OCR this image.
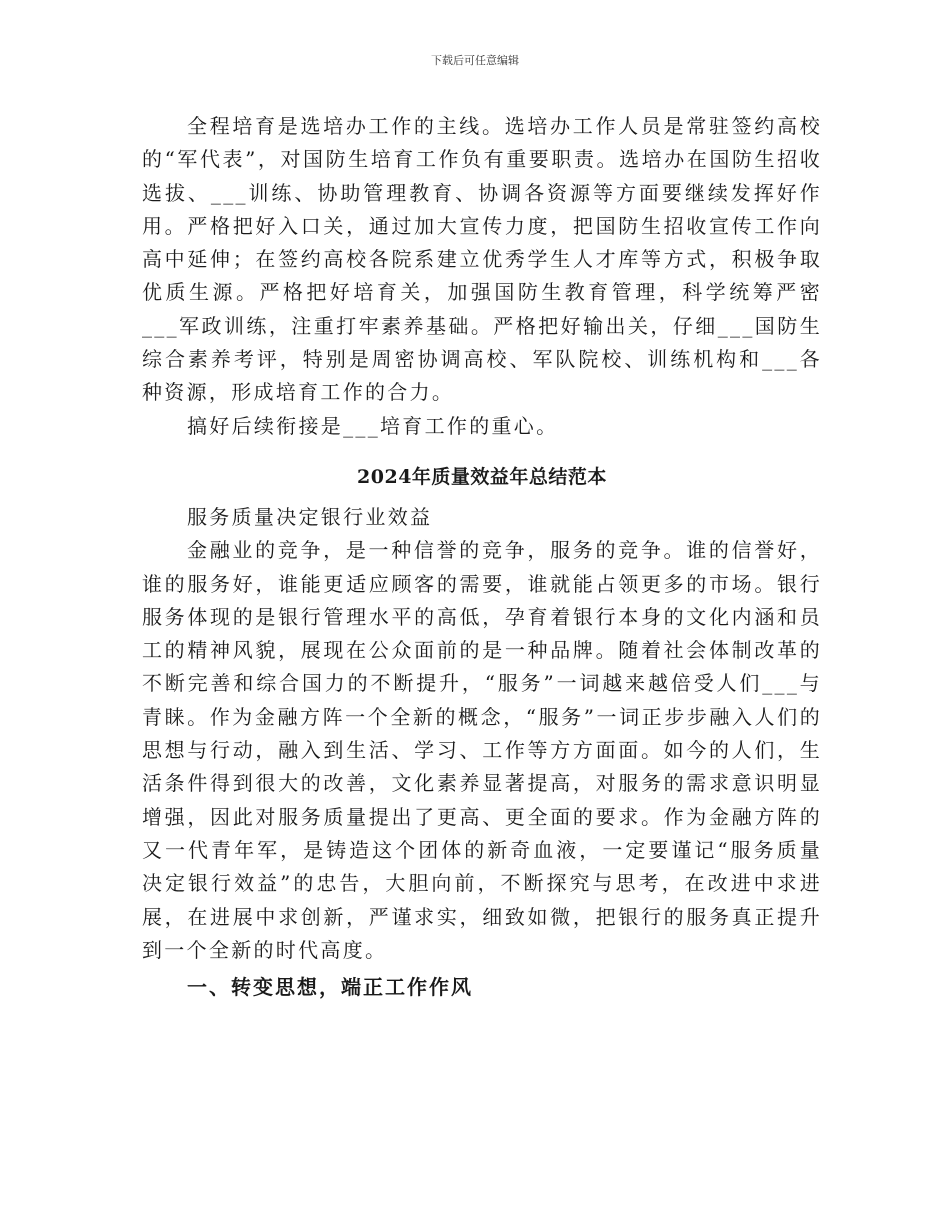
下载后可任意编辑

全程培育是选培办工作的主线。选培办工作人员是常驻签约高校的“军代表”，对国防生培育工作负有重要职责。选培办在国防生招收选拔、___训练、协助管理教育、协调各资源等方面要继续发挥好作用。严格把好入口关，通过加大宣传力度，把国防生招收宣传工作向高中延伸；在签约高校各院系建立优秀学生人才库等方式，积极争取优质生源。严格把好培育关，加强国防生教育管理，科学统筹严密___军政训练，注重打牢素养基础。严格把好输出关，仔细___国防生综合素养考评，特别是周密协调高校、军队院校、训练机构和___各种资源，形成培育工作的合力。

搞好后续衔接是___培育工作的重心。

2024年质量效益年总结范本

服务质量决定银行业效益

金融业的竞争，是一种信誉的竞争，服务的竞争。谁的信誉好，谁的服务好，谁能更适应顾客的需要，谁就能占领更多的市场。银行服务体现的是银行管理水平的高低，孕育着银行本身的文化内涵和员工的精神风貌，展现在公众面前的是一种品牌。随着社会体制改革的不断完善和综合国力的不断提升，“服务”一词越来越倍受人们___与青睐。作为金融方阵一个全新的概念，“服务”一词正步步融入人们的思想与行动，融入到生活、学习、工作等方方面面。如今的人们，生活条件得到很大的改善，文化素养显著提高，对服务的需求意识明显增强，因此对服务质量提出了更高、更全面的要求。作为金融方阵的又一代青年军，是铸造这个团体的新奇血液，一定要谨记“服务质量决定银行效益”的忠告，大胆向前，不断探究与思考，在改进中求进展，在进展中求创新，严谨求实，细致如微，把银行的服务真正提升到一个全新的时代高度。

一、转变思想，端正工作作风
